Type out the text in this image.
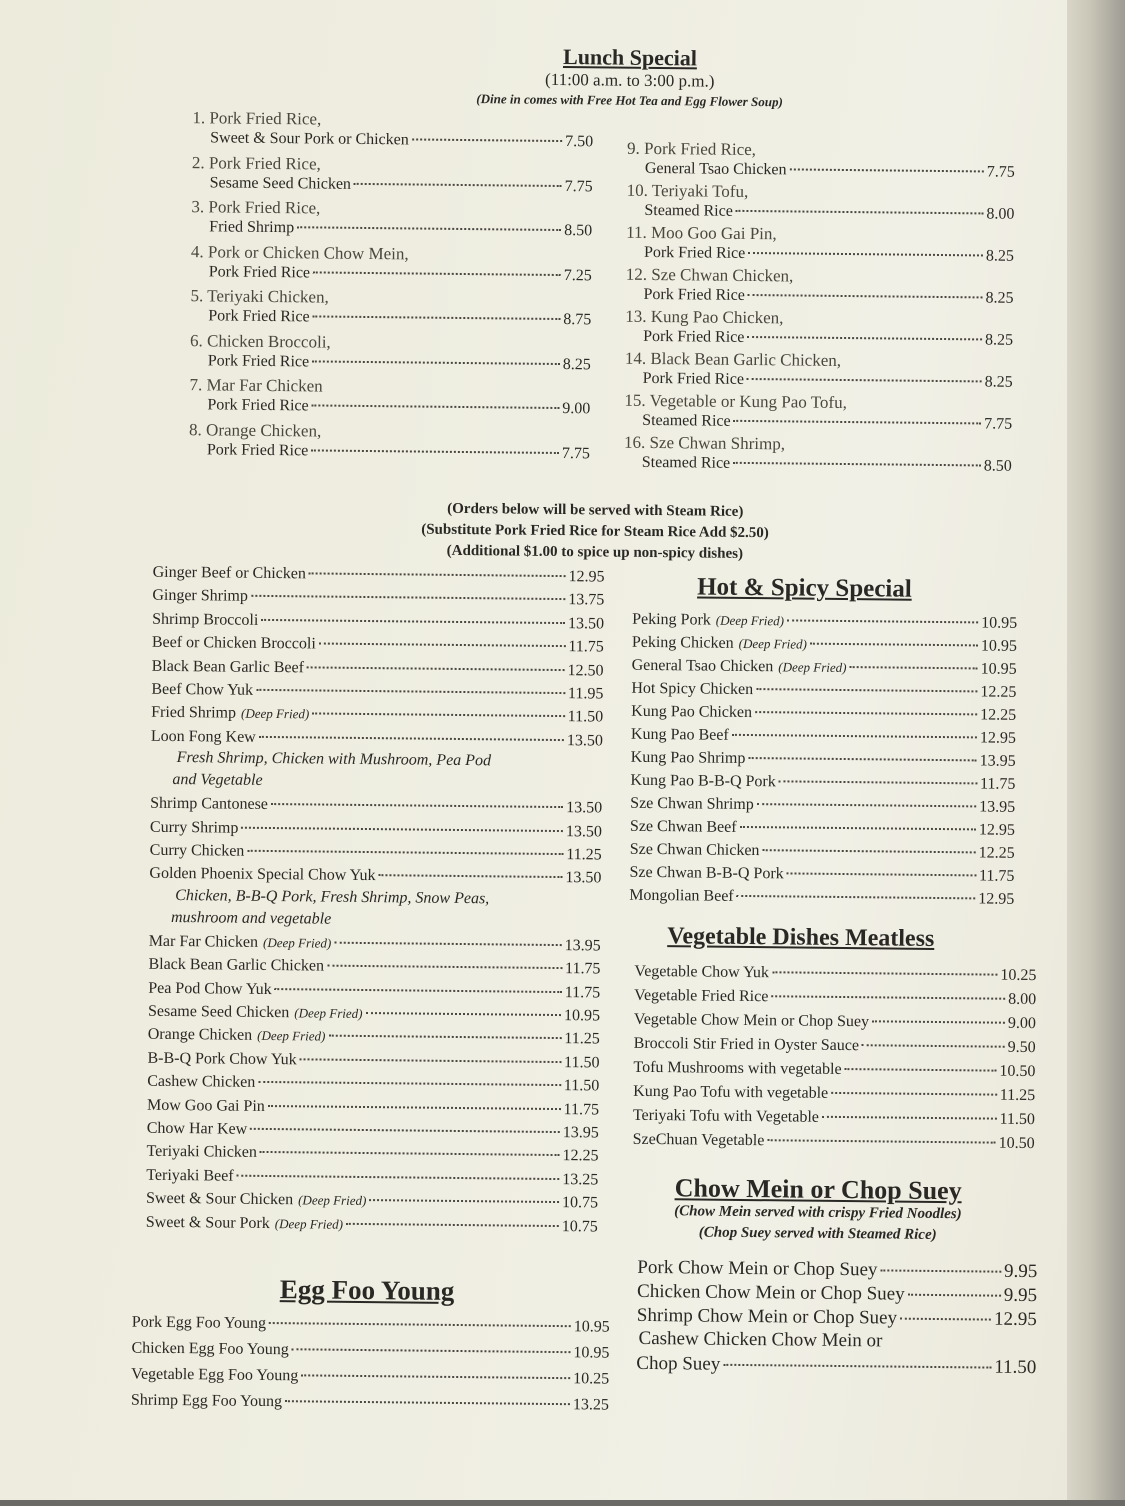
Lunch Special
(11:00 a.m. to 3:00 p.m.)
(Dine in comes with Free Hot Tea and Egg Flower Soup)
(Orders below will be served with Steam Rice)
(Substitute Pork Fried Rice for Steam Rice Add $2.50)
(Additional $1.00 to spice up non-spicy dishes)
Hot & Spicy Special
Vegetable Dishes Meatless
Chow Mein or Chop Suey
(Chow Mein served with crispy Fried Noodles)
(Chop Suey served with Steamed Rice)
Egg Foo Young
1. Pork Fried Rice,
Sweet & Sour Pork or Chicken	7.50
2. Pork Fried Rice,
Sesame Seed Chicken	7.75
3. Pork Fried Rice,
Fried Shrimp	8.50
4. Pork or Chicken Chow Mein,
Pork Fried Rice	7.25
5. Teriyaki Chicken,
Pork Fried Rice	8.75
6. Chicken Broccoli,
Pork Fried Rice	8.25
7. Mar Far Chicken
Pork Fried Rice	9.00
8. Orange Chicken,
Pork Fried Rice	7.75
9. Pork Fried Rice,
General Tsao Chicken	7.75
10. Teriyaki Tofu,
Steamed Rice	8.00
11. Moo Goo Gai Pin,
Pork Fried Rice	8.25
12. Sze Chwan Chicken,
Pork Fried Rice	8.25
13. Kung Pao Chicken,
Pork Fried Rice	8.25
14. Black Bean Garlic Chicken,
Pork Fried Rice	8.25
15. Vegetable or Kung Pao Tofu,
Steamed Rice	7.75
16. Sze Chwan Shrimp,
Steamed Rice	8.50
Ginger Beef or Chicken	12.95
Ginger Shrimp	13.75
Shrimp Broccoli	13.50
Beef or Chicken Broccoli	11.75
Black Bean Garlic Beef	12.50
Beef Chow Yuk	11.95
Fried Shrimp (Deep Fried)	11.50
Loon Fong Kew	13.50
Fresh Shrimp, Chicken with Mushroom, Pea Pod
and Vegetable
Shrimp Cantonese	13.50
Curry Shrimp	13.50
Curry Chicken	11.25
Golden Phoenix Special Chow Yuk	13.50
Chicken, B-B-Q Pork, Fresh Shrimp, Snow Peas,
mushroom and vegetable
Mar Far Chicken (Deep Fried)	13.95
Black Bean Garlic Chicken	11.75
Pea Pod Chow Yuk	11.75
Sesame Seed Chicken (Deep Fried)	10.95
Orange Chicken (Deep Fried)	11.25
B-B-Q Pork Chow Yuk	11.50
Cashew Chicken	11.50
Mow Goo Gai Pin	11.75
Chow Har Kew	13.95
Teriyaki Chicken	12.25
Teriyaki Beef	13.25
Sweet & Sour Chicken (Deep Fried)	10.75
Sweet & Sour Pork (Deep Fried)	10.75
Pork Egg Foo Young	10.95
Chicken Egg Foo Young	10.95
Vegetable Egg Foo Young	10.25
Shrimp Egg Foo Young	13.25
Peking Pork (Deep Fried)	10.95
Peking Chicken (Deep Fried)	10.95
General Tsao Chicken (Deep Fried)	10.95
Hot Spicy Chicken	12.25
Kung Pao Chicken	12.25
Kung Pao Beef	12.95
Kung Pao Shrimp	13.95
Kung Pao B-B-Q Pork	11.75
Sze Chwan Shrimp	13.95
Sze Chwan Beef	12.95
Sze Chwan Chicken	12.25
Sze Chwan B-B-Q Pork	11.75
Mongolian Beef	12.95
Vegetable Chow Yuk	10.25
Vegetable Fried Rice	8.00
Vegetable Chow Mein or Chop Suey	9.00
Broccoli Stir Fried in Oyster Sauce	9.50
Tofu Mushrooms with vegetable	10.50
Kung Pao Tofu with vegetable	11.25
Teriyaki Tofu with Vegetable	11.50
SzeChuan Vegetable	10.50
Pork Chow Mein or Chop Suey	9.95
Chicken Chow Mein or Chop Suey	9.95
Shrimp Chow Mein or Chop Suey	12.95
Cashew Chicken Chow Mein or
Chop Suey	11.50
